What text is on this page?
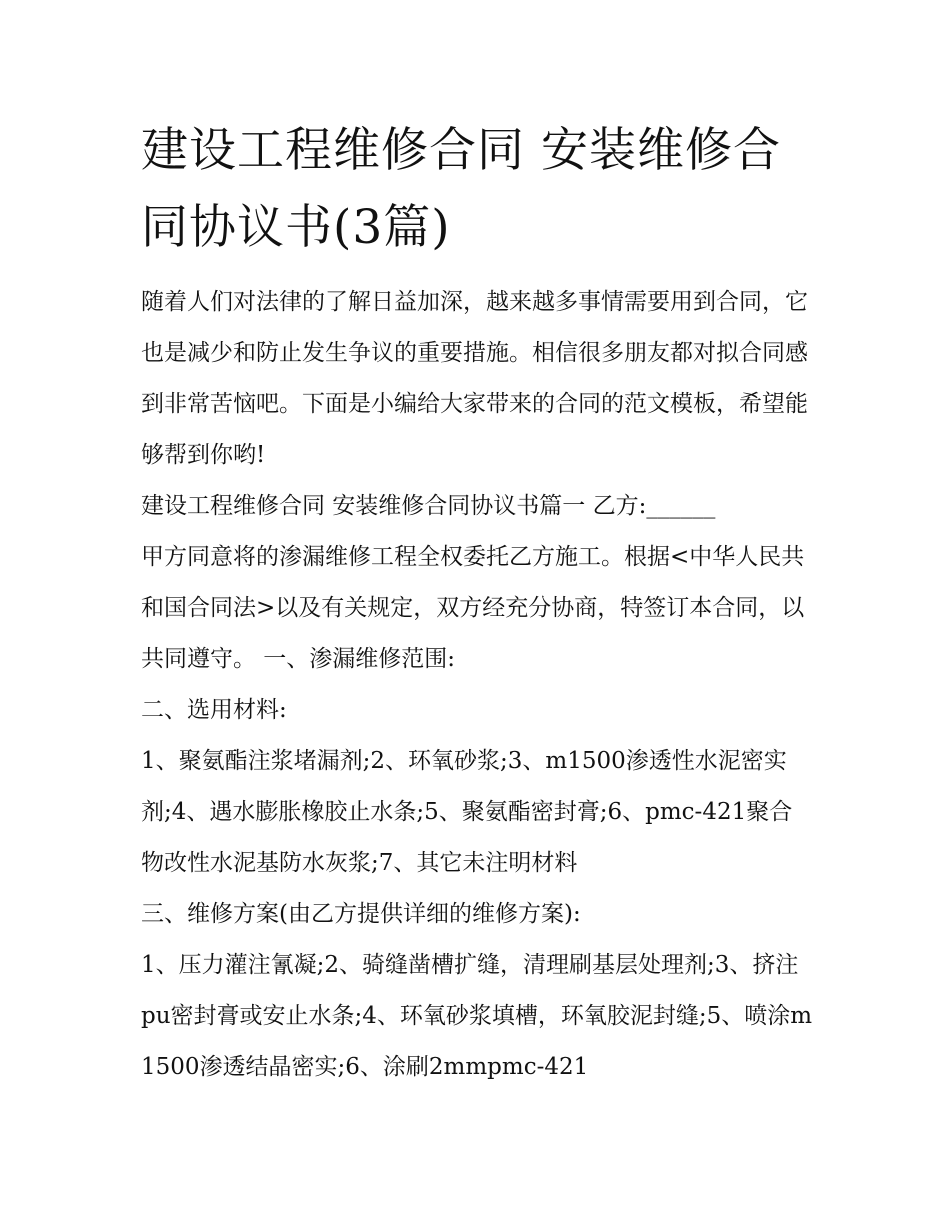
建设工程维修合同 安装维修合同协议书(3篇)

随着人们对法律的了解日益加深，越来越多事情需要用到合同，它也是减少和防止发生争议的重要措施。相信很多朋友都对拟合同感到非常苦恼吧。下面是小编给大家带来的合同的范文模板，希望能够帮到你哟!

建设工程维修合同 安装维修合同协议书篇一 乙方:______

甲方同意将的渗漏维修工程全权委托乙方施工。根据<中华人民共和国合同法>以及有关规定，双方经充分协商，特签订本合同，以共同遵守。 一、渗漏维修范围:

二、选用材料:

1、聚氨酯注浆堵漏剂;2、环氧砂浆;3、m1500渗透性水泥密实剂;4、遇水膨胀橡胶止水条;5、聚氨酯密封膏;6、pmc-421聚合物改性水泥基防水灰浆;7、其它未注明材料

三、维修方案(由乙方提供详细的维修方案):

1、压力灌注氰凝;2、骑缝凿槽扩缝，清理刷基层处理剂;3、挤注pu密封膏或安止水条;4、环氧砂浆填槽，环氧胶泥封缝;5、喷涂m1500渗透结晶密实;6、涂刷2mmpmc-421
